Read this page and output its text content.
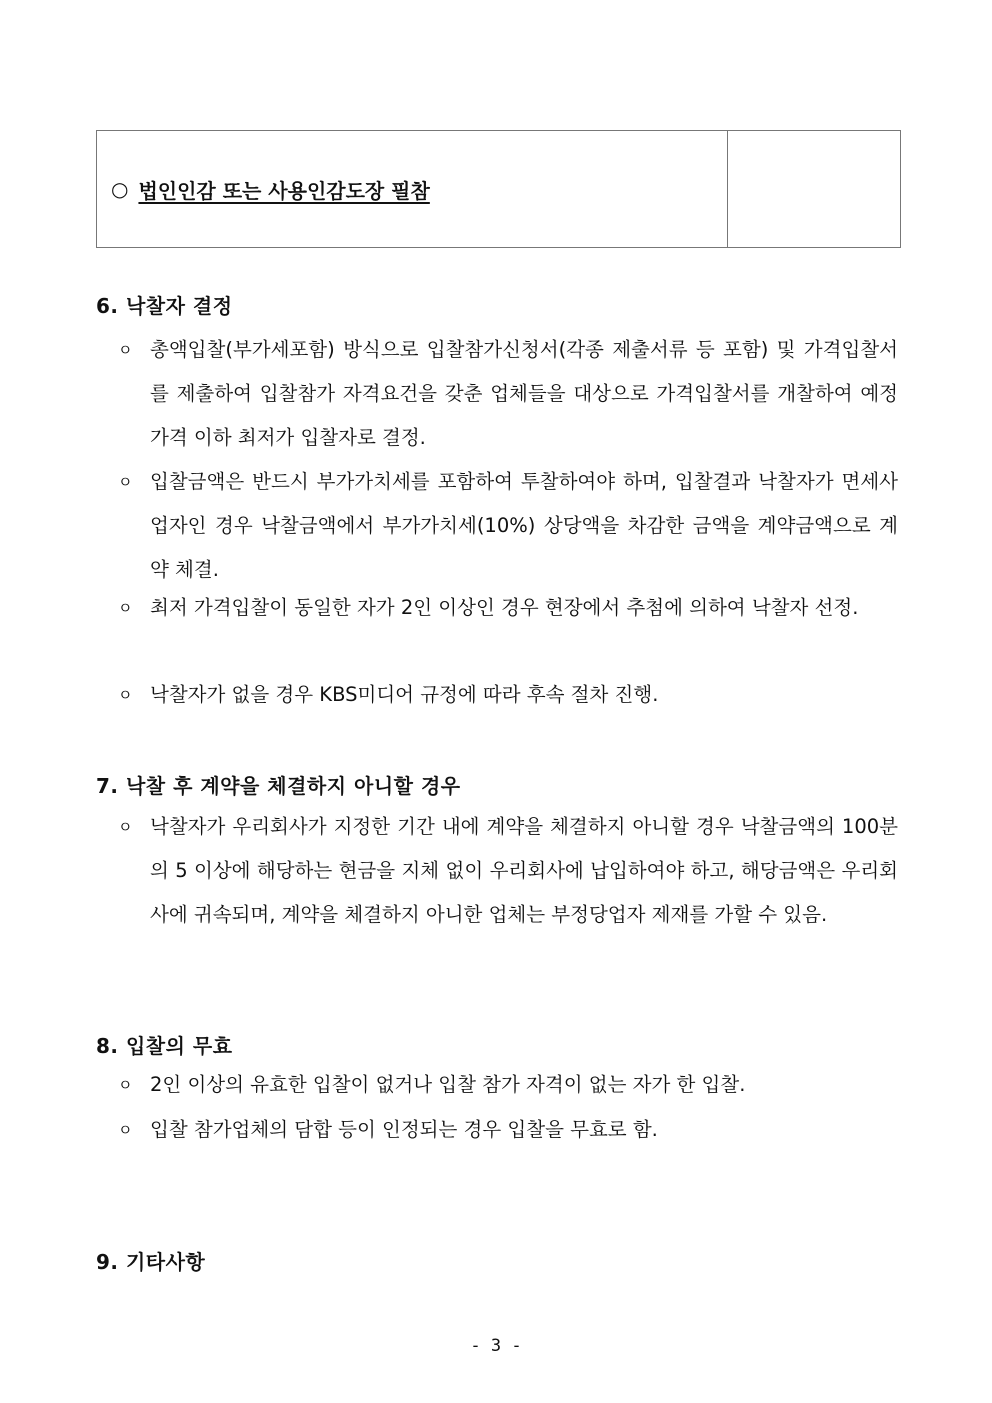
○ 법인인감 또는 사용인감도장 필참
6. 낙찰자 결정
ㅇ 총액입찰(부가세포함) 방식으로 입찰참가신청서(각종 제출서류 등 포함) 및 가격입찰서를 제출하여 입찰참가 자격요건을 갖춘 업체들을 대상으로 가격입찰서를 개찰하여 예정가격 이하 최저가 입찰자로 결정.
ㅇ 입찰금액은 반드시 부가가치세를 포함하여 투찰하여야 하며, 입찰결과 낙찰자가 면세사업자인 경우 낙찰금액에서 부가가치세(10%) 상당액을 차감한 금액을 계약금액으로 계약 체결.
ㅇ 최저 가격입찰이 동일한 자가 2인 이상인 경우 현장에서 추첨에 의하여 낙찰자 선정.
ㅇ 낙찰자가 없을 경우 KBS미디어 규정에 따라 후속 절차 진행.
7. 낙찰 후 계약을 체결하지 아니할 경우
ㅇ 낙찰자가 우리회사가 지정한 기간 내에 계약을 체결하지 아니할 경우 낙찰금액의 100분의 5 이상에 해당하는 현금을 지체 없이 우리회사에 납입하여야 하고, 해당금액은 우리회사에 귀속되며, 계약을 체결하지 아니한 업체는 부정당업자 제재를 가할 수 있음.
8. 입찰의 무효
ㅇ 2인 이상의 유효한 입찰이 없거나 입찰 참가 자격이 없는 자가 한 입찰.
ㅇ 입찰 참가업체의 담합 등이 인정되는 경우 입찰을 무효로 함.
9. 기타사항
- 3 -
